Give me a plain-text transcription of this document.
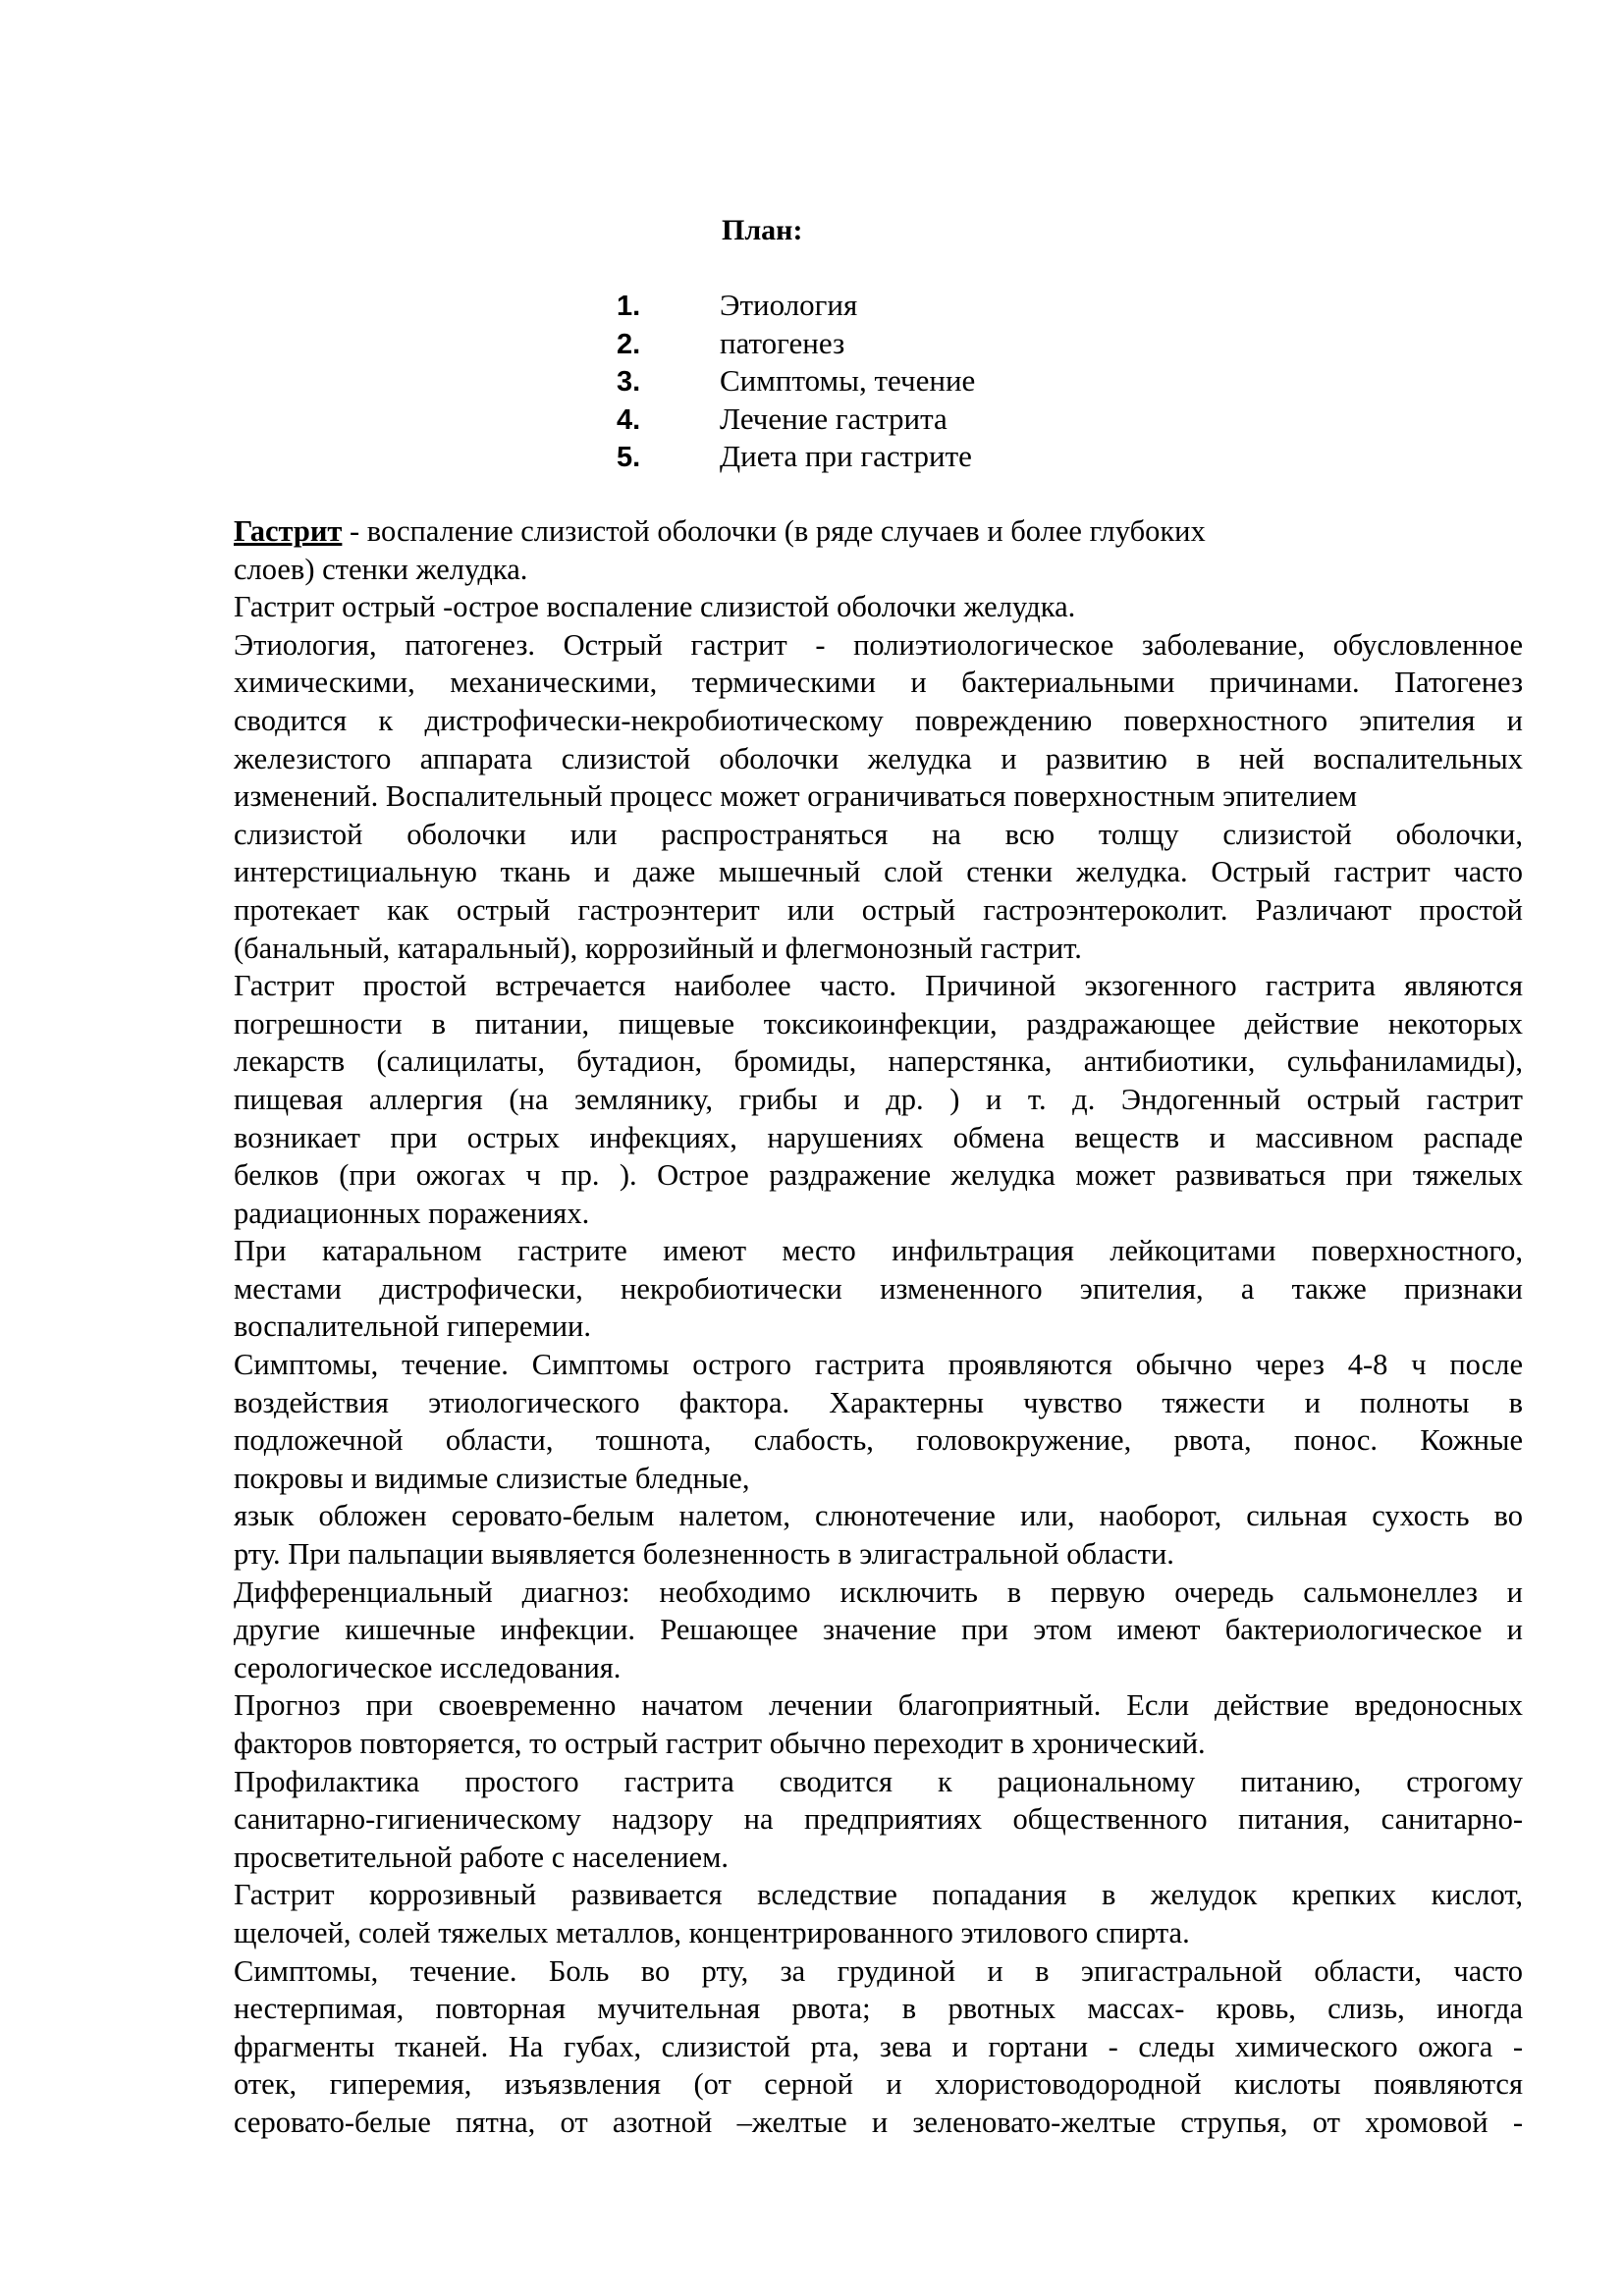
План:
1.	Этиология
2.	патогенез
3.	Симптомы, течение
4.	Лечение гастрита
5.	Диета при гастрите
Гастрит - воспаление слизистой оболочки (в ряде случаев и более глубоких
слоев) стенки желудка.
Гастрит острый -острое воспаление слизистой оболочки желудка.
Этиология, патогенез. Острый гастрит - полиэтиологическое заболевание, обусловленное
химическими, механическими, термическими и бактериальными причинами. Патогенез
сводится к дистрофически-некробиотическому повреждению поверхностного эпителия и
железистого аппарата слизистой оболочки желудка и развитию в ней воспалительных
изменений. Воспалительный процесс может ограничиваться поверхностным эпителием
слизистой оболочки или распространяться на всю толщу слизистой оболочки,
интерстициальную ткань и даже мышечный слой стенки желудка. Острый гастрит часто
протекает как острый гастроэнтерит или острый гастроэнтероколит. Различают простой
(банальный, катаральный), коррозийный и флегмонозный гастрит.
Гастрит простой встречается наиболее часто. Причиной экзогенного гастрита являются
погрешности в питании, пищевые токсикоинфекции, раздражающее действие некоторых
лекарств (салицилаты, бутадион, бромиды, наперстянка, антибиотики, сульфаниламиды),
пищевая аллергия (на землянику, грибы и др. ) и т. д. Эндогенный острый гастрит
возникает при острых инфекциях, нарушениях обмена веществ и массивном распаде
белков (при ожогах ч пр. ). Острое раздражение желудка может развиваться при тяжелых
радиационных поражениях.
При катаральном гастрите имеют место инфильтрация лейкоцитами поверхностного,
местами дистрофически, некробиотически измененного эпителия, а также признаки
воспалительной гиперемии.
Симптомы, течение. Симптомы острого гастрита проявляются обычно через 4-8 ч после
воздействия этиологического фактора. Характерны чувство тяжести и полноты в
подложечной области, тошнота, слабость, головокружение, рвота, понос. Кожные
покровы и видимые слизистые бледные,
язык обложен серовато-белым налетом, слюнотечение или, наоборот, сильная сухость во
рту. При пальпации выявляется болезненность в элигастральной области.
Дифференциальный диагноз: необходимо исключить в первую очередь сальмонеллез и
другие кишечные инфекции. Решающее значение при этом имеют бактериологическое и
серологическое исследования.
Прогноз при своевременно начатом лечении благоприятный. Если действие вредоносных
факторов повторяется, то острый гастрит обычно переходит в хронический.
Профилактика простого гастрита сводится к рациональному питанию, строгому
санитарно-гигиеническому надзору на предприятиях общественного питания, санитарно-
просветительной работе с населением.
Гастрит коррозивный развивается вследствие попадания в желудок крепких кислот,
щелочей, солей тяжелых металлов, концентрированного этилового спирта.
Симптомы, течение. Боль во рту, за грудиной и в эпигастральной области, часто
нестерпимая, повторная мучительная рвота; в рвотных массах- кровь, слизь, иногда
фрагменты тканей. На губах, слизистой рта, зева и гортани - следы химического ожога -
отек, гиперемия, изъязвления (от серной и хлористоводородной кислоты появляются
серовато-белые пятна, от азотной –желтые и зеленовато-желтые струпья, от хромовой -
